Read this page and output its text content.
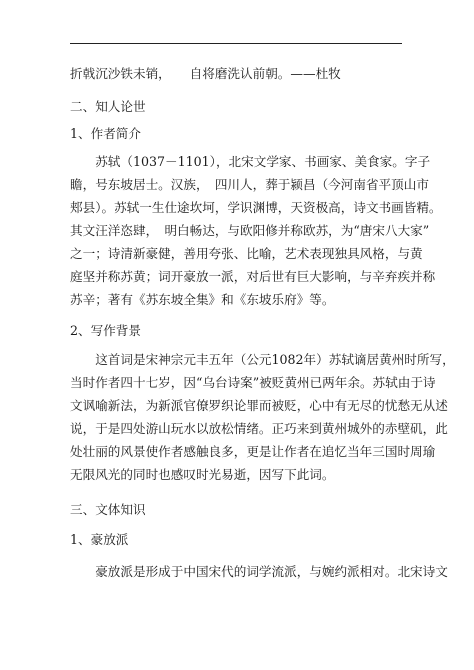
折戟沉沙铁未销，　　自将磨洗认前朝。——杜牧
二、知人论世
1、作者简介
　　苏轼（1037－1101），北宋文学家、书画家、美食家。字子
瞻，号东坡居士。汉族，　四川人，葬于颍昌（今河南省平顶山市
郏县）。苏轼一生仕途坎坷，学识渊博，天资极高，诗文书画皆精。
其文汪洋恣肆，　明白畅达，与欧阳修并称欧苏，为“唐宋八大家”
之一；诗清新豪健，善用夸张、比喻，艺术表现独具风格，与黄
庭坚并称苏黄；词开豪放一派，对后世有巨大影响，与辛弃疾并称
苏辛；著有《苏东坡全集》和《东坡乐府》等。
2、写作背景
　　这首词是宋神宗元丰五年（公元1082年）苏轼谪居黄州时所写，
当时作者四十七岁，因“乌台诗案”被贬黄州已两年余。苏轼由于诗
文讽喻新法，为新派官僚罗织论罪而被贬，心中有无尽的忧愁无从述
说，于是四处游山玩水以放松情绪。正巧来到黄州城外的赤壁矶，此
处壮丽的风景使作者感触良多，更是让作者在追忆当年三国时周瑜
无限风光的同时也感叹时光易逝，因写下此词。
三、文体知识
1、豪放派
　　豪放派是形成于中国宋代的词学流派，与婉约派相对。北宋诗文
